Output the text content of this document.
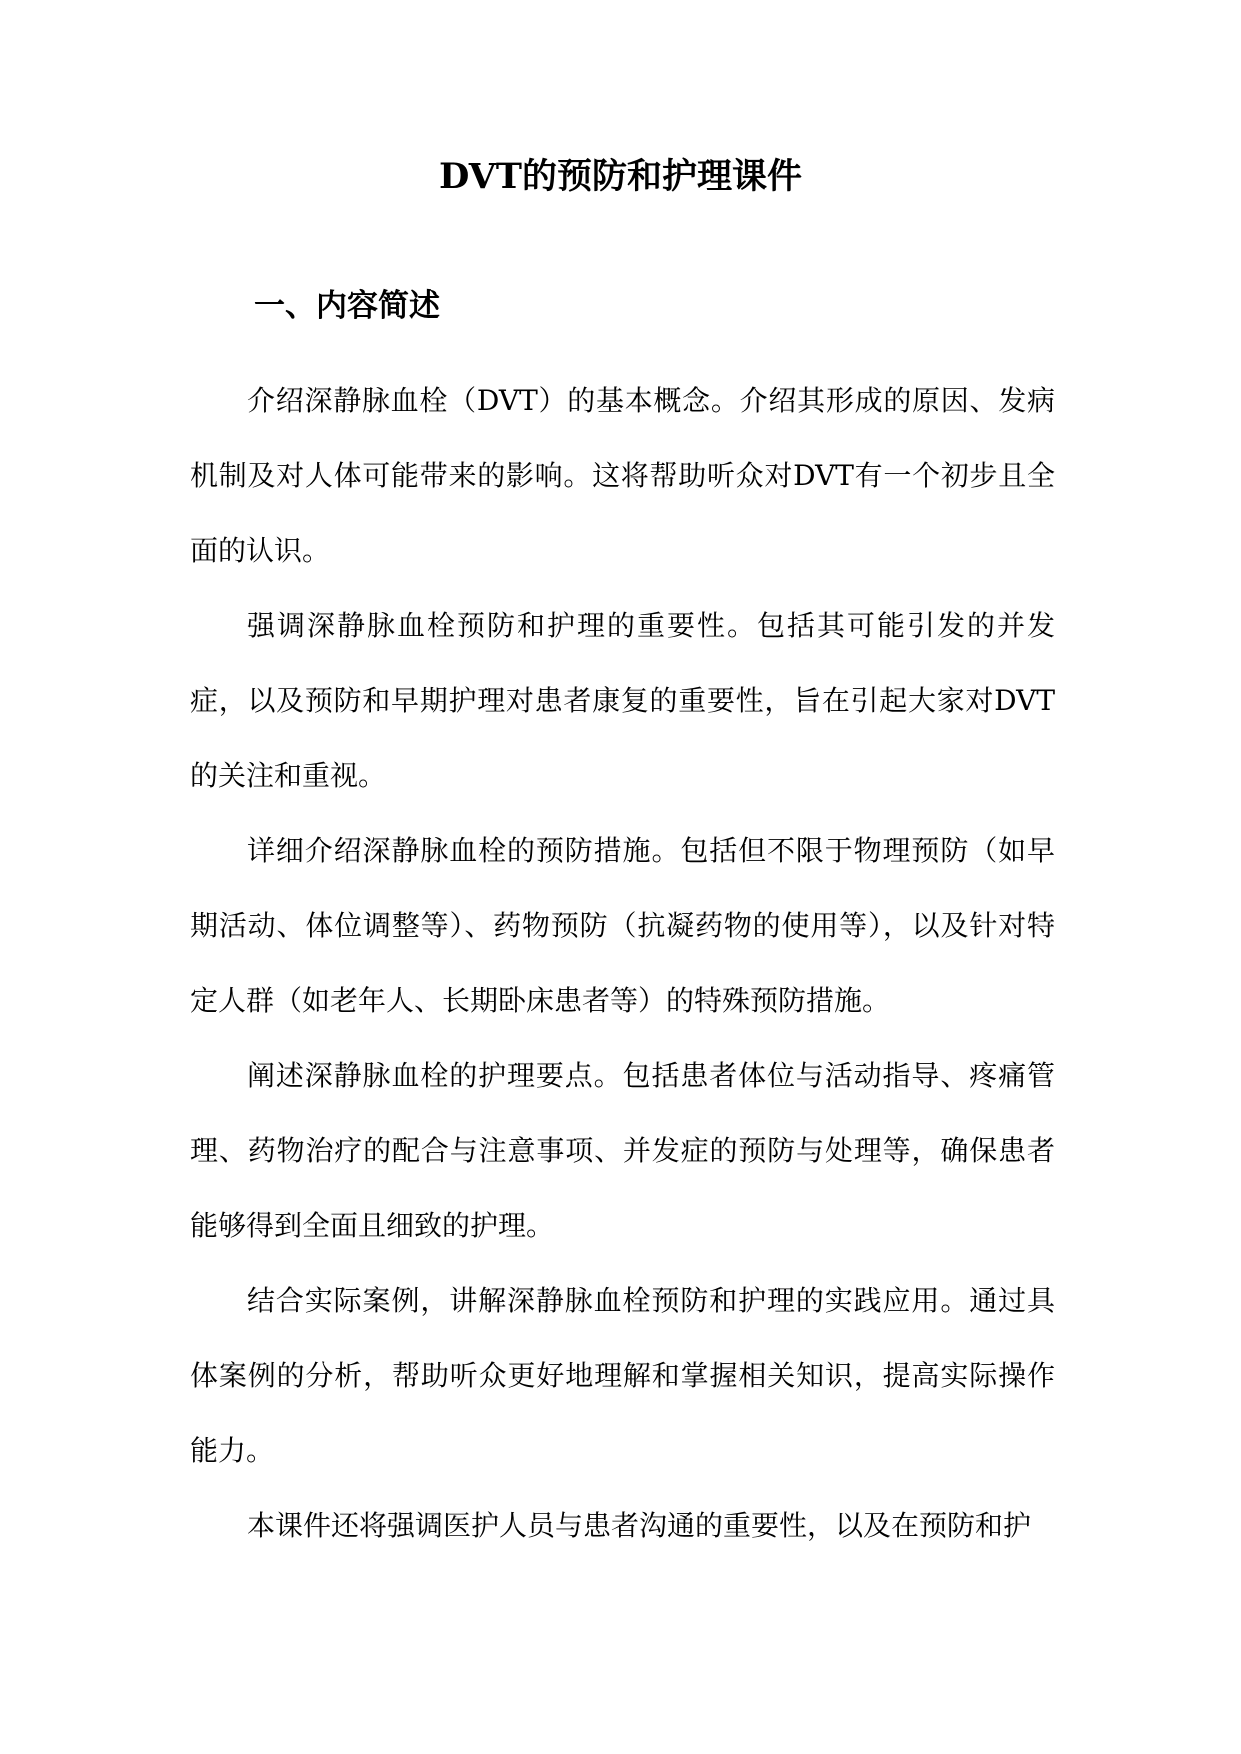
DVT的预防和护理课件
一、内容简述

介绍深静脉血栓（DVT）的基本概念。介绍其形成的原因、发病机制及对人体可能带来的影响。这将帮助听众对DVT有一个初步且全面的认识。

强调深静脉血栓预防和护理的重要性。包括其可能引发的并发症，以及预防和早期护理对患者康复的重要性，旨在引起大家对DVT的关注和重视。

详细介绍深静脉血栓的预防措施。包括但不限于物理预防（如早期活动、体位调整等）、药物预防（抗凝药物的使用等），以及针对特定人群（如老年人、长期卧床患者等）的特殊预防措施。

阐述深静脉血栓的护理要点。包括患者体位与活动指导、疼痛管理、药物治疗的配合与注意事项、并发症的预防与处理等，确保患者能够得到全面且细致的护理。

结合实际案例，讲解深静脉血栓预防和护理的实践应用。通过具体案例的分析，帮助听众更好地理解和掌握相关知识，提高实际操作能力。

本课件还将强调医护人员与患者沟通的重要性，以及在预防和护
